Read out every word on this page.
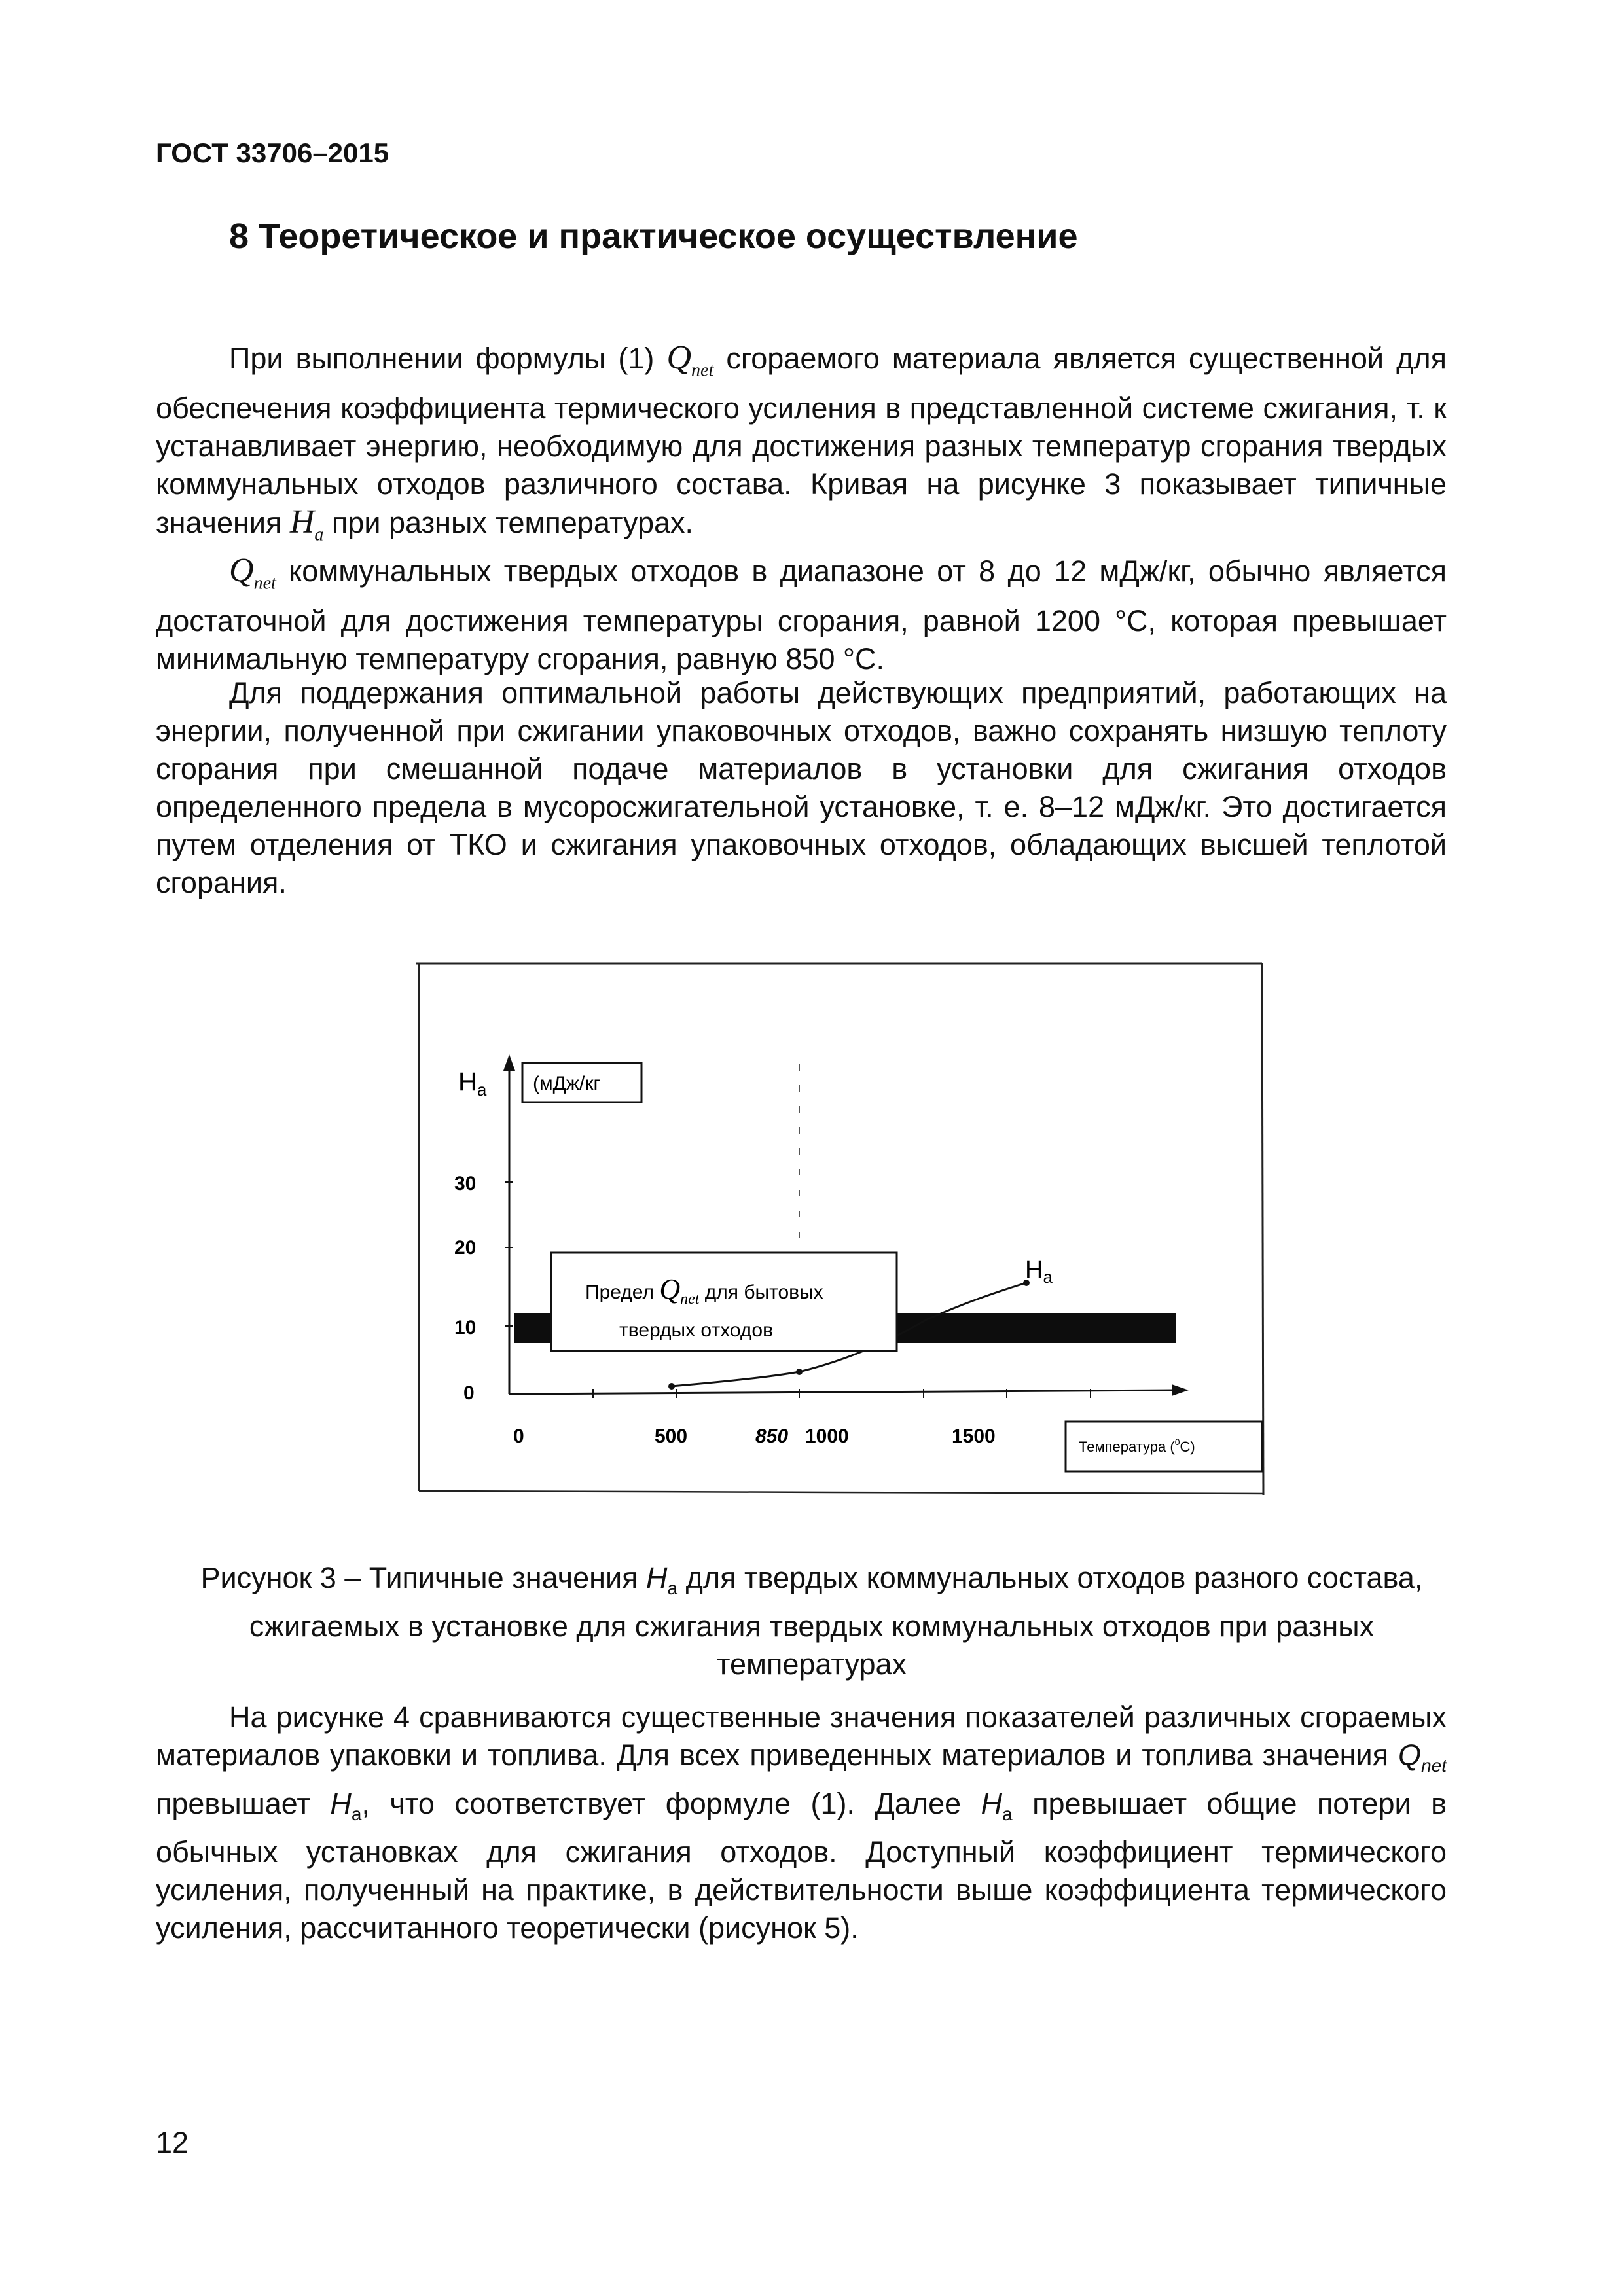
ГОСТ 33706–2015
8 Теоретическое и практическое осуществление

При выполнении формулы (1) $Q_{net}$ сгораемого материала является существенной для обеспечения коэффициента термического усиления в представленной системе сжигания, т. к устанавливает энергию, необходимую для достижения разных температур сгорания твердых коммунальных отходов различного состава. Кривая на рисунке 3 показывает типичные значения $H_a$ при разных температурах.

$Q_{net}$ коммунальных твердых отходов в диапазоне от 8 до 12 мДж/кг, обычно является достаточной для достижения температуры сгорания, равной 1200 °С, которая превышает минимальную температуру сгорания, равную 850 °С.

Для поддержания оптимальной работы действующих предприятий, работающих на энергии, полученной при сжигании упаковочных отходов, важно сохранять низшую теплоту сгорания при смешанной подаче материалов в установки для сжигания отходов определенного предела в мусоросжигательной установке, т. е. 8–12 мДж/кг. Это достигается путем отделения от ТКО и сжигания упаковочных отходов, обладающих высшей теплотой сгорания.

$H_a$ (мДж/кг
30
20
10
0
0	500	850 1000	1500
$H_a$
Предел $Q_{net}$ для бытовых
твердых отходов
Температура ($^0$С)
Рисунок 3 – Типичные значения $H_a$ для твердых коммунальных отходов разного состава, сжигаемых в установке для сжигания твердых коммунальных отходов при разных температурах

На рисунке 4 сравниваются существенные значения показателей различных сгораемых материалов упаковки и топлива. Для всех приведенных материалов и топлива значения $Q_{net}$ превышает $H_a$, что соответствует формуле (1). Далее $H_a$ превышает общие потери в обычных установках для сжигания отходов. Доступный коэффициент термического усиления, полученный на практике, в действительности выше коэффициента термического усиления, рассчитанного теоретически (рисунок 5).

12
